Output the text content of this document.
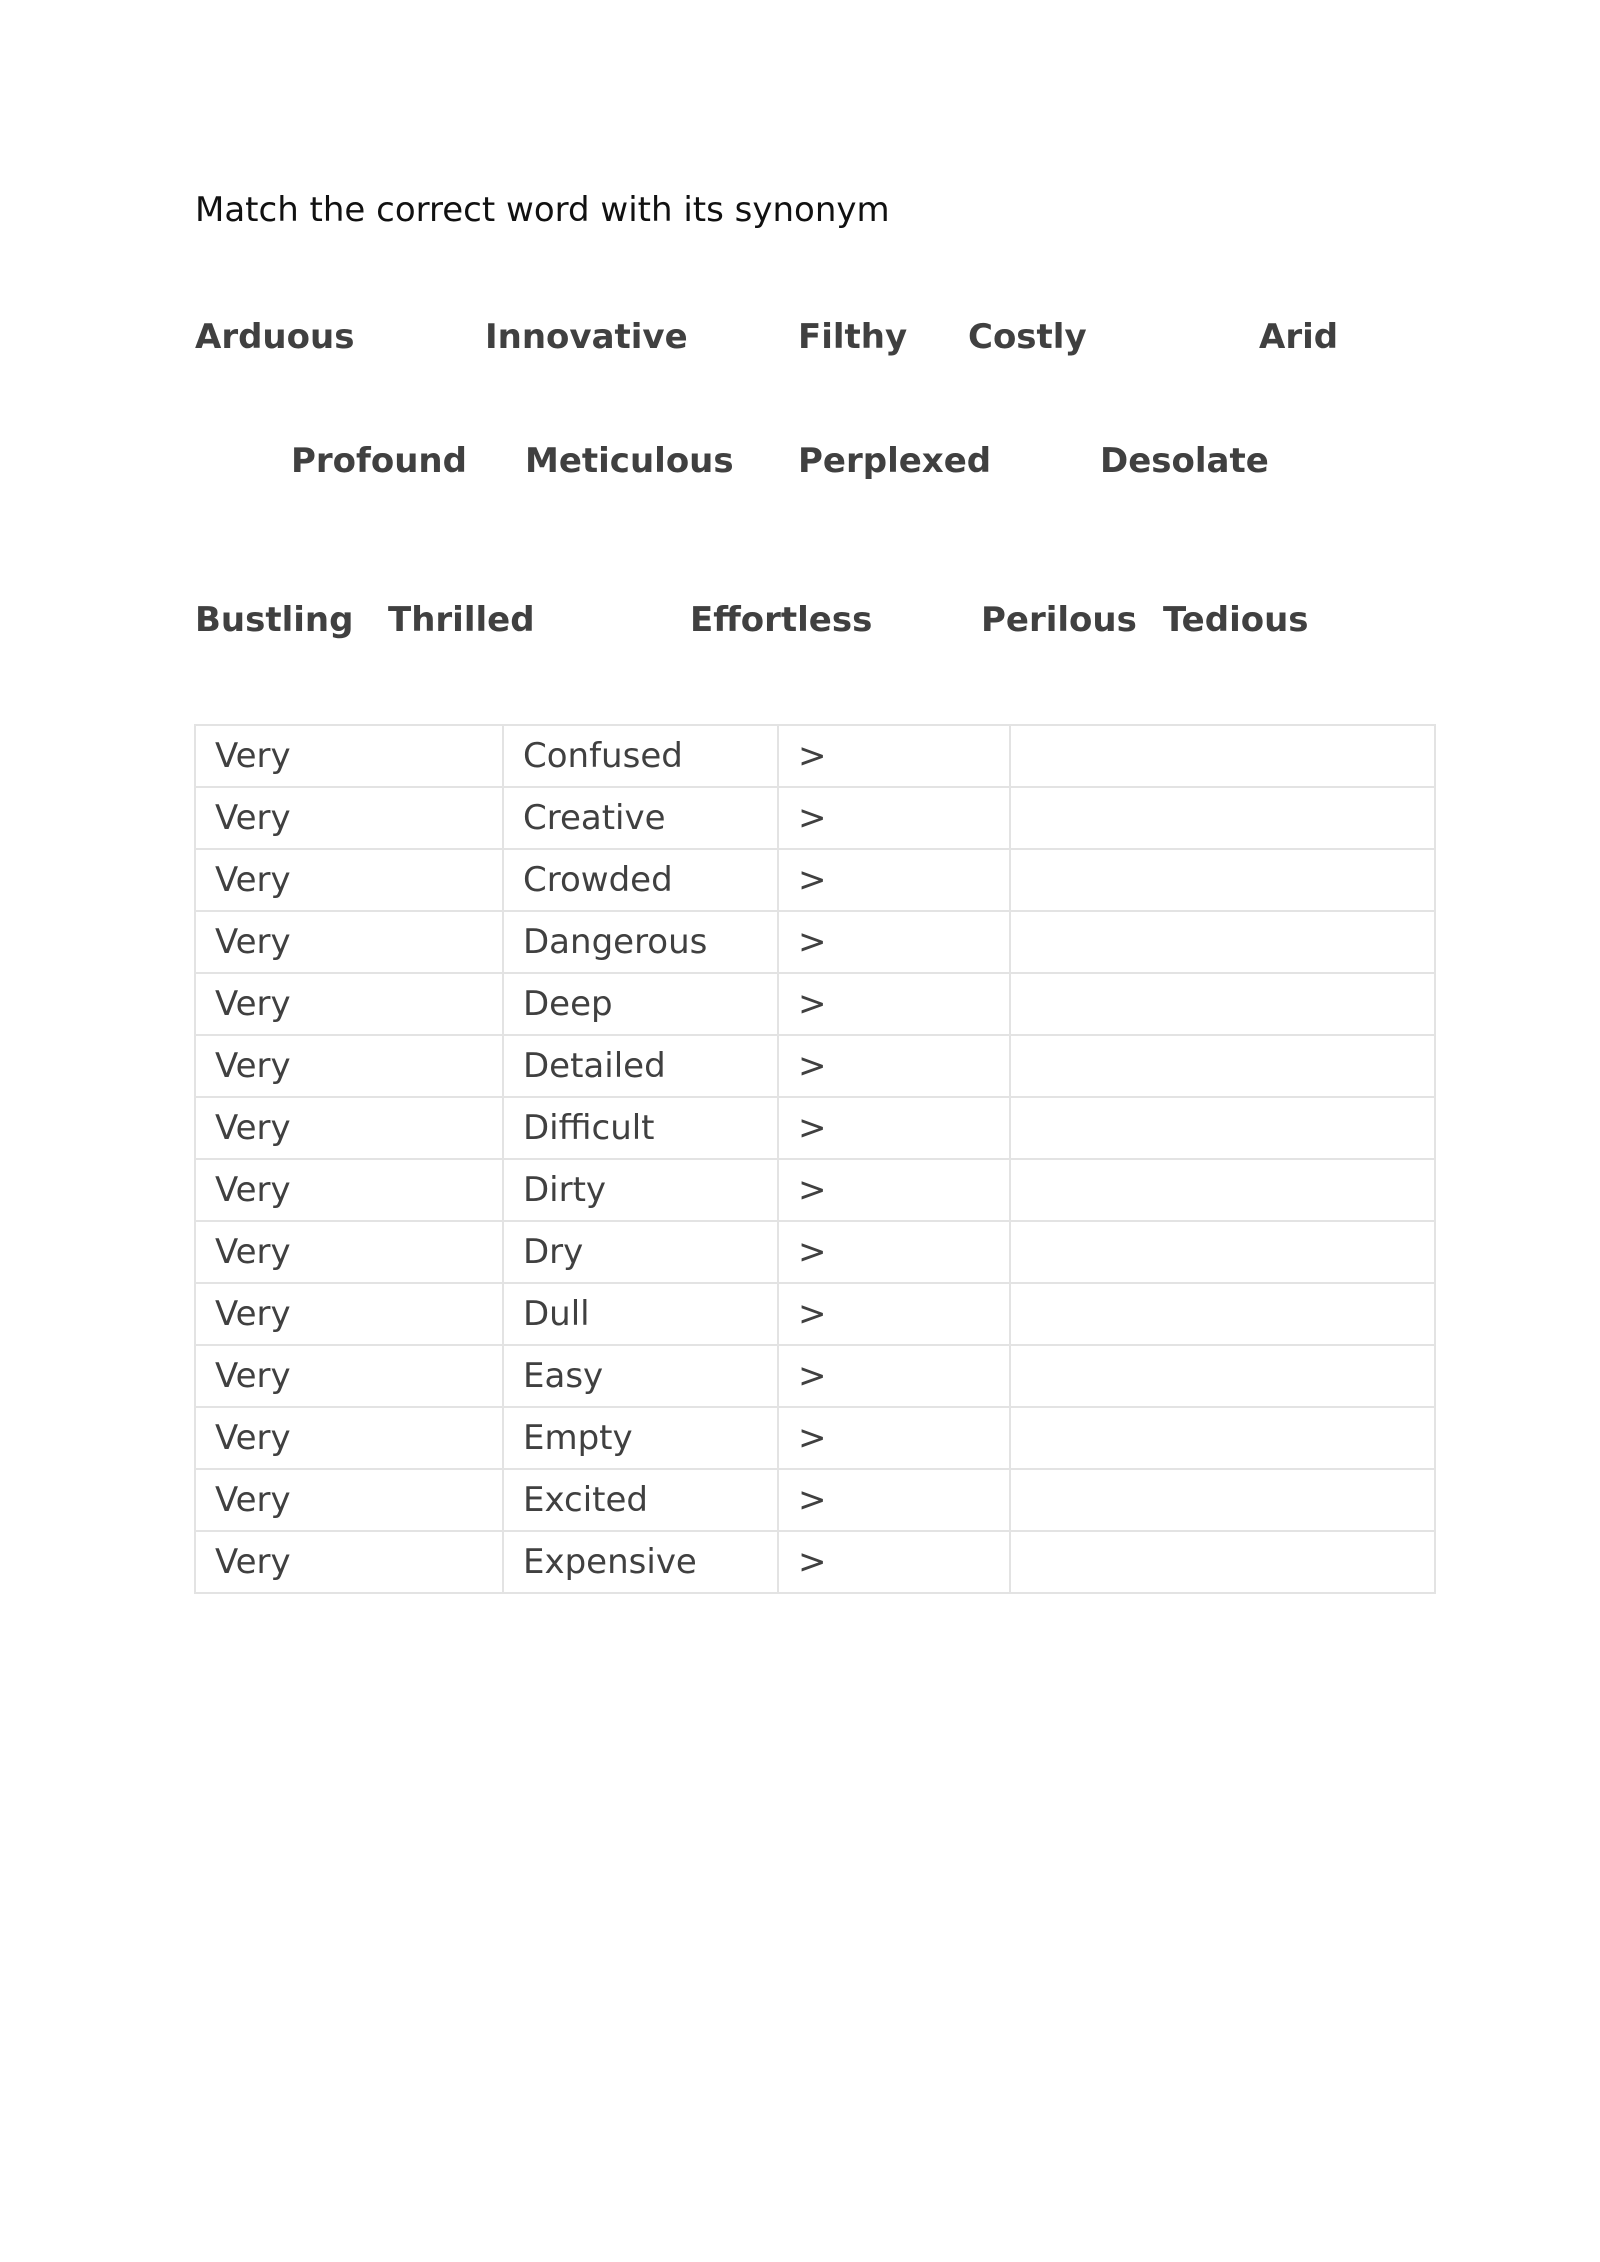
Match the correct word with its synonym

Arduous	Innovative	Filthy Costly	Arid
Profound Meticulous Perplexed	Desolate
Bustling Thrilled	Effortless	Perilous Tedious
Very	Confused	>	
Very	Creative	>	
Very	Crowded	>	
Very	Dangerous	>	
Very	Deep	>	
Very	Detailed	>	
Very	Difficult	>	
Very	Dirty	>	
Very	Dry	>	
Very	Dull	>	
Very	Easy	>	
Very	Empty	>	
Very	Excited	>	
Very	Expensive	>	
